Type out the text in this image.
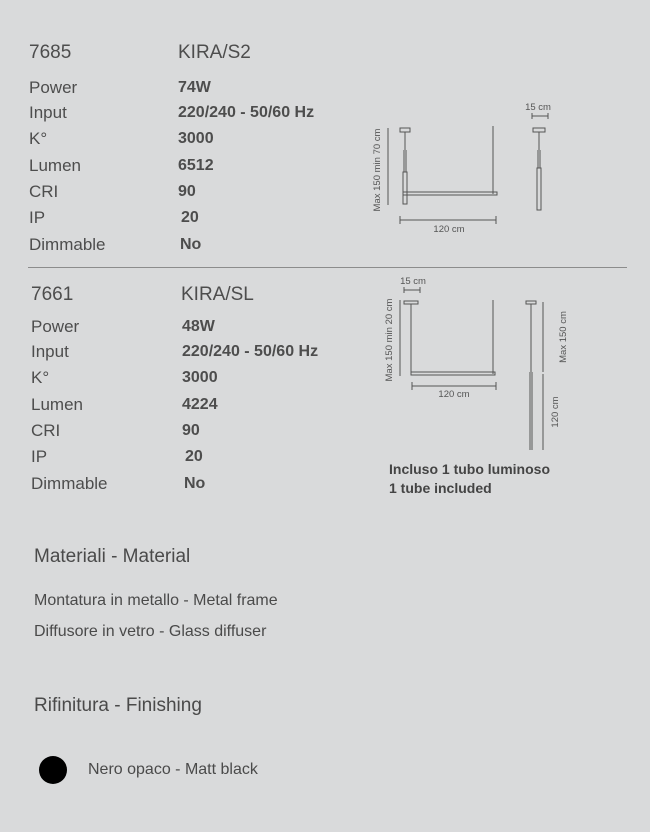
7685	KIRA/S2
Power	74W
Input	220/240 - 50/60 Hz
K°	3000
Lumen	6512
CRI	90
IP	20
Dimmable	No
120 cm
Max 150 min 70 cm
15 cm
7661	KIRA/SL
Power	48W
Input	220/240 - 50/60 Hz
K°	3000
Lumen	4224
CRI	90
IP	20
Dimmable	No
15 cm
120 cm
Max 150 min 20 cm	Max 150 cm
120 cm
Incluso 1 tubo luminoso
1 tube included
Materiali - Material
Montatura in metallo - Metal frame
Diffusore in vetro - Glass diffuser
Rifinitura - Finishing
Nero opaco - Matt black
